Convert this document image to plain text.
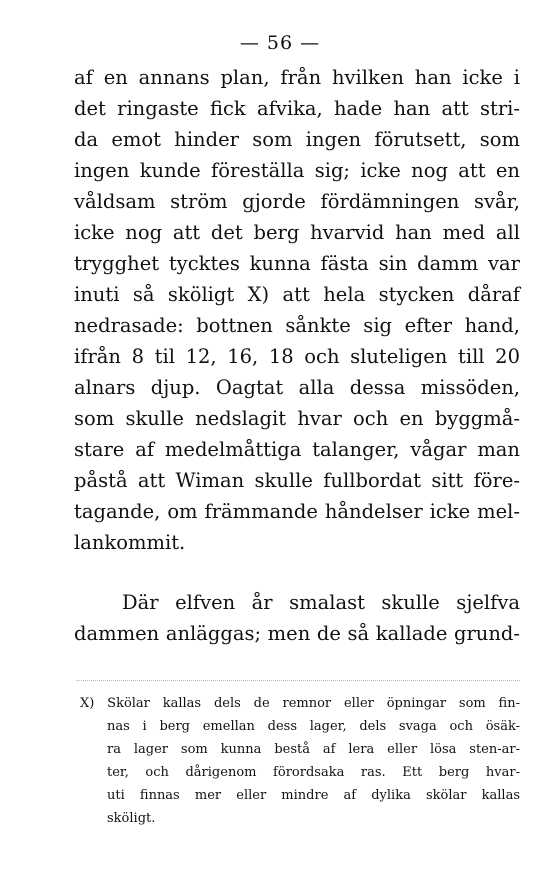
— 56 —
af en annans plan, från hvilken han icke i
det ringaste fick afvika, hade han att stri-
da emot hinder som ingen förutsett, som
ingen kunde föreställa sig; icke nog att en
våldsam ström gjorde fördämningen svår,
icke nog att det berg hvarvid han med all
trygghet tycktes kunna fästa sin damm var
inuti så sköligt X) att hela stycken dåraf
nedrasade: bottnen sånkte sig efter hand,
ifrån 8 til 12, 16, 18 och sluteligen till 20
alnars djup. Oagtat alla dessa missöden,
som skulle nedslagit hvar och en byggmå-
stare af medelmåttiga talanger, vågar man
påstå att Wiman skulle fullbordat sitt före-
tagande, om främmande håndelser icke mel-
lankommit.
Där elfven år smalast skulle sjelfva
dammen anläggas; men de så kallade grund-
X) Skölar kallas dels de remnor eller öpningar som fin-
nas i berg emellan dess lager, dels svaga och ösäk-
ra lager som kunna bestå af lera eller lösa sten-ar-
ter, och dårigenom förordsaka ras. Ett berg hvar-
uti finnas mer eller mindre af dylika skölar kallas
sköligt.
